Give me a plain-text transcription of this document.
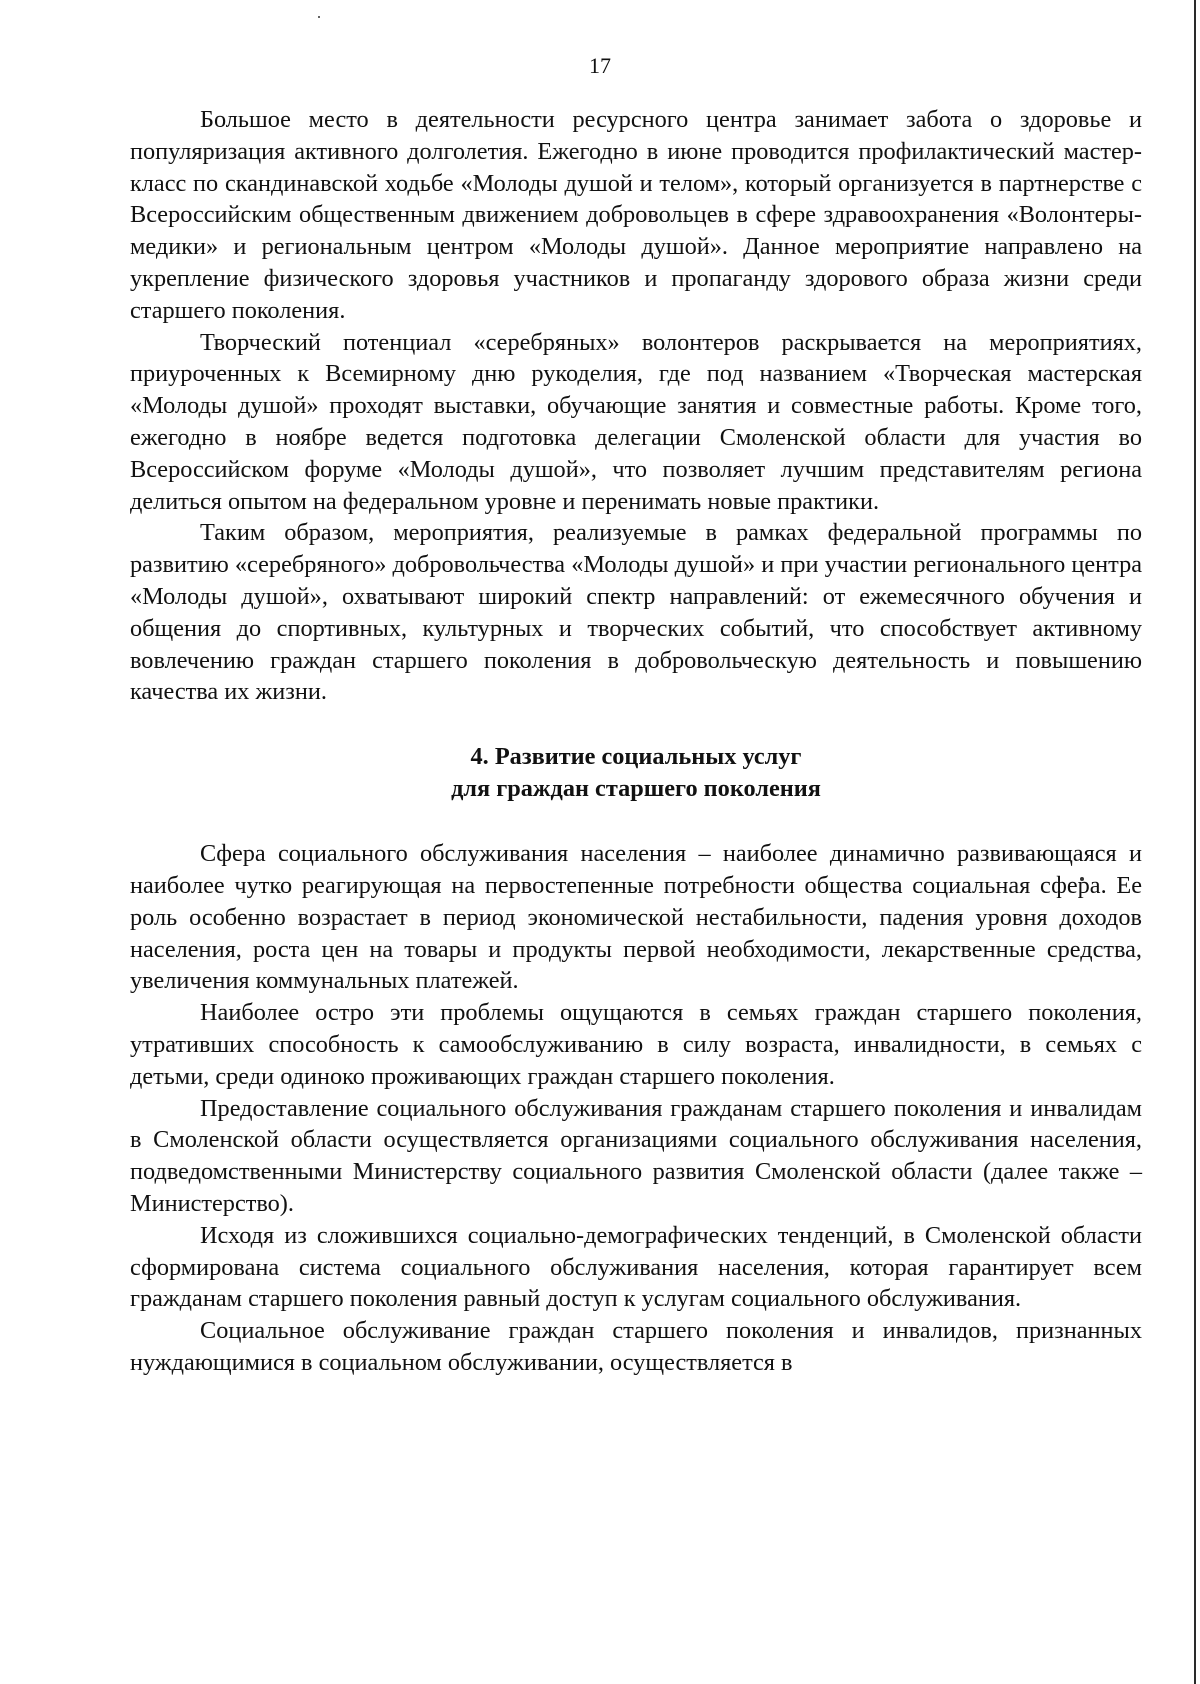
17

Большое место в деятельности ресурсного центра занимает забота о здоровье и популяризация активного долголетия. Ежегодно в июне проводится профилактический мастер-класс по скандинавской ходьбе «Молоды душой и телом», который организуется в партнерстве с Всероссийским общественным движением добровольцев в сфере здравоохранения «Волонтеры-медики» и региональным центром «Молоды душой». Данное мероприятие направлено на укрепление физического здоровья участников и пропаганду здорового образа жизни среди старшего поколения.

Творческий потенциал «серебряных» волонтеров раскрывается на мероприятиях, приуроченных к Всемирному дню рукоделия, где под названием «Творческая мастерская «Молоды душой» проходят выставки, обучающие занятия и совместные работы. Кроме того, ежегодно в ноябре ведется подготовка делегации Смоленской области для участия во Всероссийском форуме «Молоды душой», что позволяет лучшим представителям региона делиться опытом на федеральном уровне и перенимать новые практики.

Таким образом, мероприятия, реализуемые в рамках федеральной программы по развитию «серебряного» добровольчества «Молоды душой» и при участии регионального центра «Молоды душой», охватывают широкий спектр направлений: от ежемесячного обучения и общения до спортивных, культурных и творческих событий, что способствует активному вовлечению граждан старшего поколения в добровольческую деятельность и повышению качества их жизни.

4. Развитие социальных услуг
для граждан старшего поколения

Сфера социального обслуживания населения – наиболее динамично развивающаяся и наиболее чутко реагирующая на первостепенные потребности общества социальная сфера. Ее роль особенно возрастает в период экономической нестабильности, падения уровня доходов населения, роста цен на товары и продукты первой необходимости, лекарственные средства, увеличения коммунальных платежей.

Наиболее остро эти проблемы ощущаются в семьях граждан старшего поколения, утративших способность к самообслуживанию в силу возраста, инвалидности, в семьях с детьми, среди одиноко проживающих граждан старшего поколения.

Предоставление социального обслуживания гражданам старшего поколения и инвалидам в Смоленской области осуществляется организациями социального обслуживания населения, подведомственными Министерству социального развития Смоленской области (далее также – Министерство).

Исходя из сложившихся социально-демографических тенденций, в Смоленской области сформирована система социального обслуживания населения, которая гарантирует всем гражданам старшего поколения равный доступ к услугам социального обслуживания.

Социальное обслуживание граждан старшего поколения и инвалидов, признанных нуждающимися в социальном обслуживании, осуществляется в
